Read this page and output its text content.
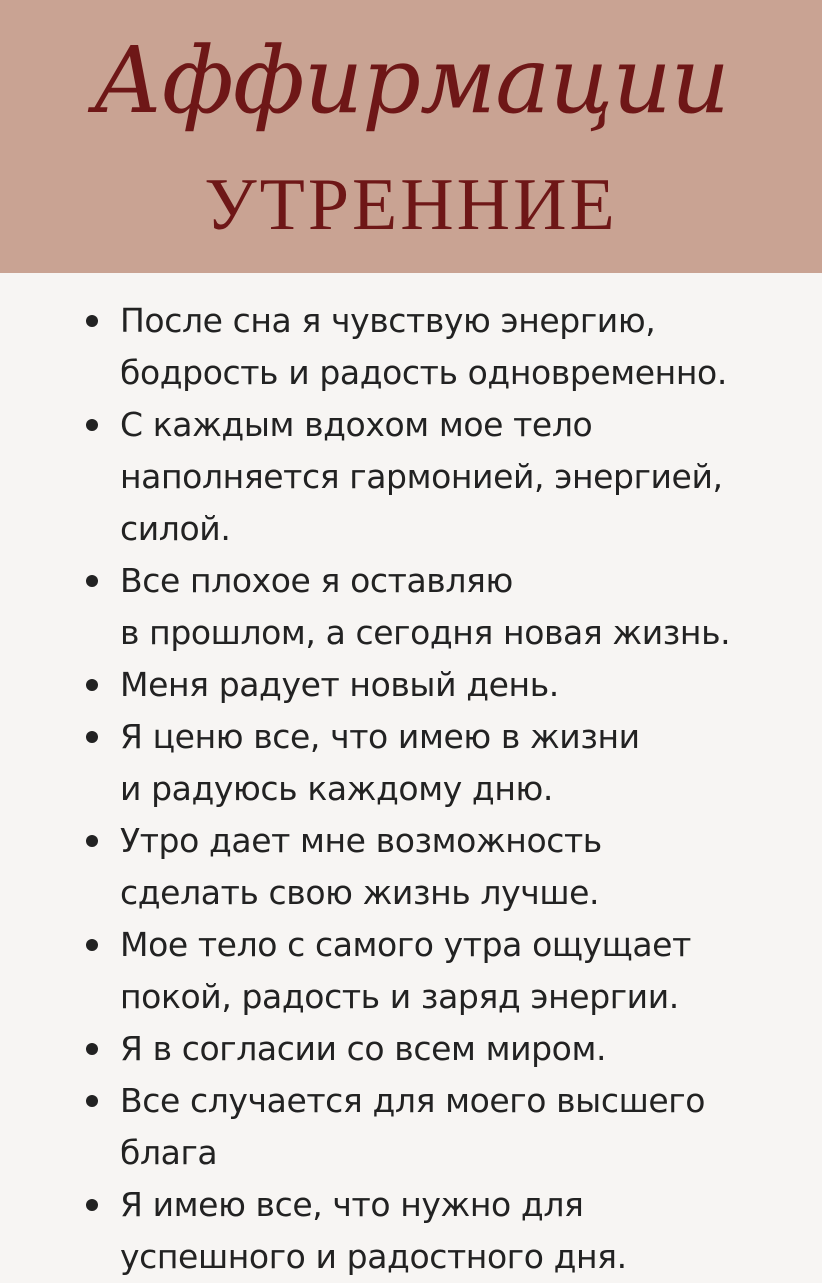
Аффирмации
УТРЕННИЕ
После сна я чувствую энергию,
бодрость и радость одновременно.
С каждым вдохом мое тело
наполняется гармонией, энергией,
силой.
Все плохое я оставляю
в прошлом, а сегодня новая жизнь.
Меня радует новый день.
Я ценю все, что имею в жизни
и радуюсь каждому дню.
Утро дает мне возможность
сделать свою жизнь лучше.
Мое тело с самого утра ощущает
покой, радость и заряд энергии.
Я в согласии со всем миром.
Все случается для моего высшего
блага
Я имею все, что нужно для
успешного и радостного дня.
